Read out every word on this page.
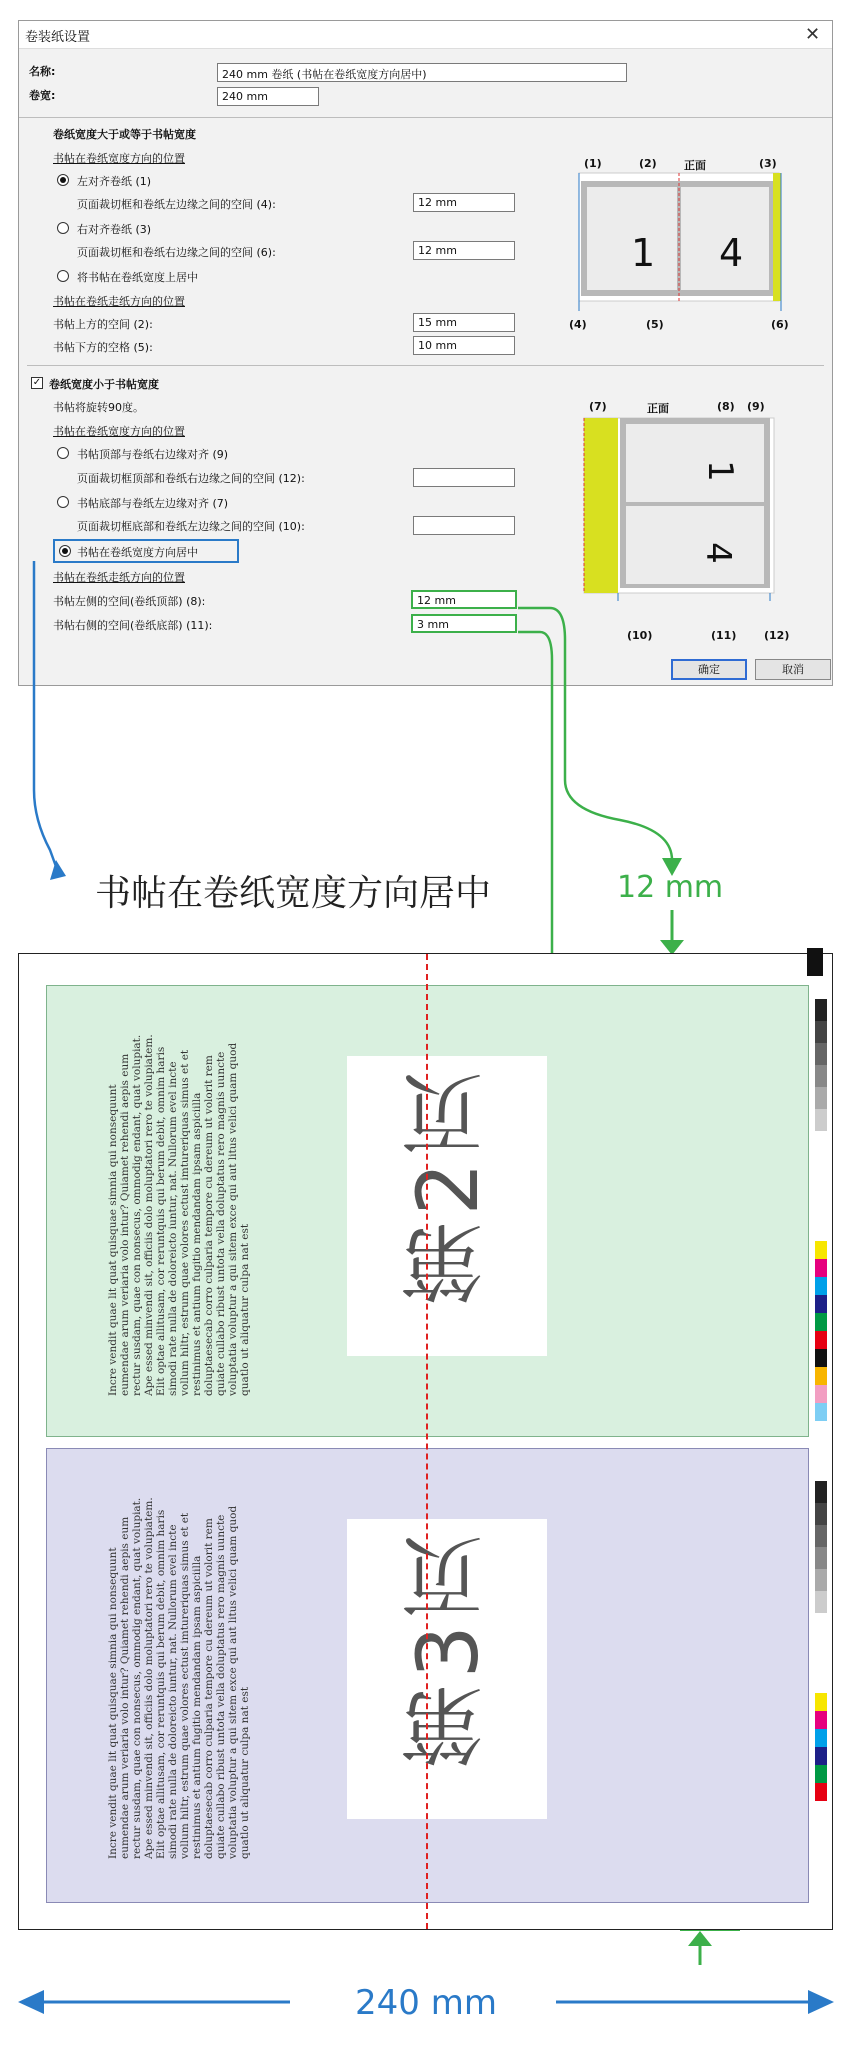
卷装纸设置	✕
名称:	240 mm 卷纸 (书帖在卷纸宽度方向居中)
卷宽:	240 mm
卷纸宽度大于或等于书帖宽度
书帖在卷纸宽度方向的位置
左对齐卷纸 (1)
页面裁切框和卷纸左边缘之间的空间 (4):	12 mm
右对齐卷纸 (3)
页面裁切框和卷纸右边缘之间的空间 (6):	12 mm
将书帖在卷纸宽度上居中
书帖在卷纸走纸方向的位置
书帖上方的空间 (2):	15 mm
书帖下方的空格 (5):	10 mm
(1)	(2) 正面	(3)
1 4
(4)	(5)	(6)
✓ 卷纸宽度小于书帖宽度
书帖将旋转90度。
书帖在卷纸宽度方向的位置
书帖顶部与卷纸右边缘对齐 (9)
页面裁切框顶部和卷纸右边缘之间的空间 (12):
书帖底部与卷纸左边缘对齐 (7)
页面裁切框底部和卷纸左边缘之间的空间 (10):
书帖在卷纸宽度方向居中
书帖在卷纸走纸方向的位置
书帖左侧的空间(卷纸顶部) (8):	12 mm
书帖右侧的空间(卷纸底部) (11):	3 mm
(7)	正面	(8) (9)
1
4
(10)	(11)	(12)
确定	取消
书帖在卷纸宽度方向居中	12 mm
240 mm
Incre vendit quae lit quat quisquae simnia qui nonsequunt eumendae arum veriaria volo intur? Quiamet rehendi aepis eum rectur susdam, quae con nonsecus, ommodig endant, quat volupiat. Ape essed minvendi sit, officiis dolo moluptatori rero te volupiatem. Elit optae allitusam, cor reruntquis qui berum debit, omnim haris simodi rate nulla de doloreicto iuntur, nat. Nullorum evel incte vollum hiltr, estrum quae volores ectust imtureriquas simus et et restinimus et antium fugitio mendandam ipsam aspiciilla doluptaesecab corro culparia tempore cu dereum ut volorit rem quiate cullabo ribust untota vella doluptatus rero magnis uuncte voluptatia voluptur a qui sitem exce qui aut litus velici quam quod quatlo ut aliquatur culpa nat est
第2页
Incre vendit quae lit quat quisquae simnia qui nonsequunt eumendae arum veriaria volo intur? Quiamet rehendi aepis eum rectur susdam, quae con nonsecus, ommodig endant, quat volupiat. Ape essed minvendi sit, officiis dolo moluptatori rero te volupiatem. Elit optae allitusam, cor reruntquis qui berum debit, omnim haris simodi rate nulla de doloreicto iuntur, nat. Nullorum evel incte vollum hiltr, estrum quae volores ectust imtureriquas simus et et restinimus et antium fugitio mendandam ipsam aspiciilla doluptaesecab corro culparia tempore cu dereum ut volorit rem quiate cullabo ribust untota vella doluptatus rero magnis uuncte voluptatia voluptur a qui sitem exce qui aut litus velici quam quod quatlo ut aliquatur culpa nat est
第3页
